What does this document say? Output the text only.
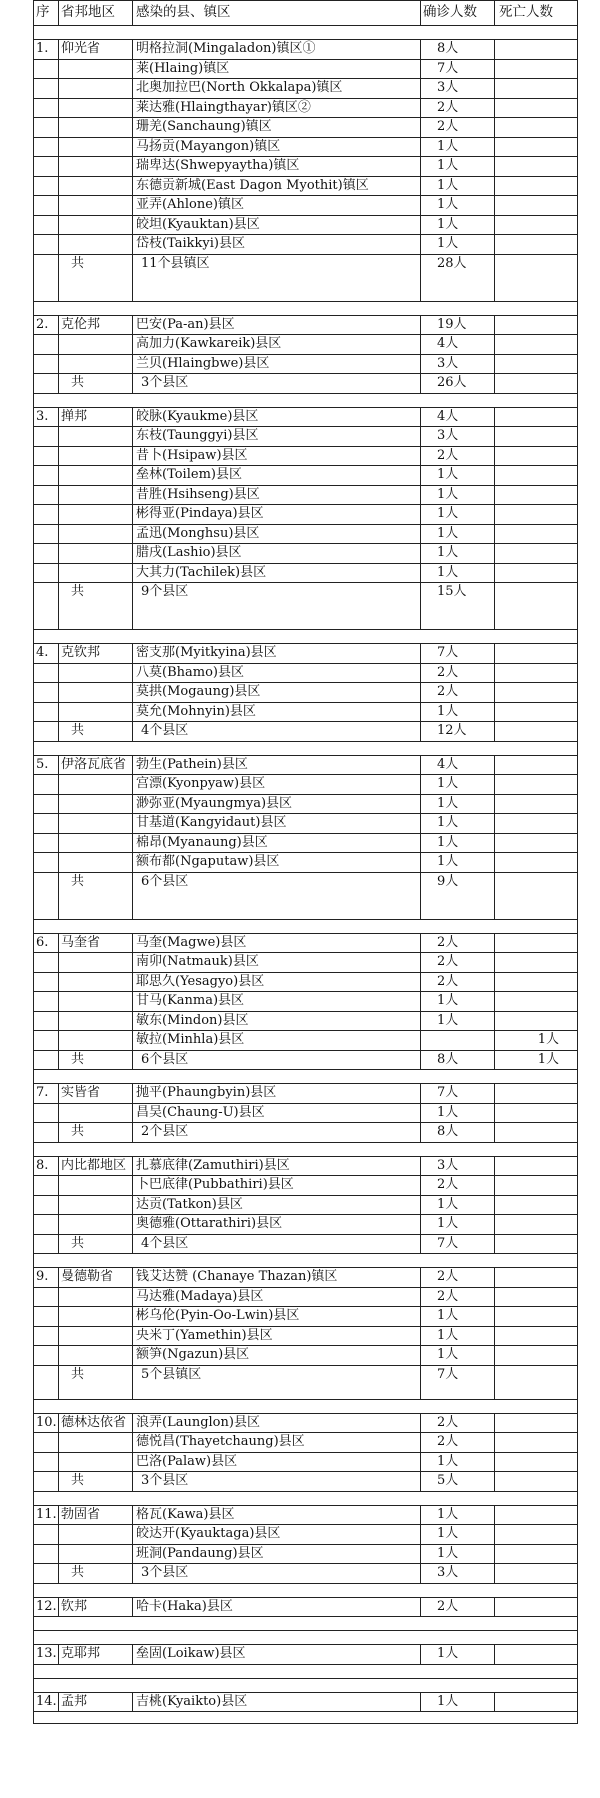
序	省邦地区	感染的县、镇区	确诊人数	死亡人数

1.	仰光省	明格拉洞(Mingaladon)镇区①	8人	
		莱(Hlaing)镇区	7人	
		北奥加拉巴(North Okkalapa)镇区	3人	
		莱达雅(Hlaingthayar)镇区②	2人	
		珊羌(Sanchaung)镇区	2人	
		马扬贡(Mayangon)镇区	1人	
		瑞卑达(Shwepyaytha)镇区	1人	
		东德贡新城(East Dagon Myothit)镇区	1人	
		亚弄(Ahlone)镇区	1人	
		皎坦(Kyauktan)县区	1人	
		岱枝(Taikkyi)县区	1人	
	共	11个县镇区	28人	

2.	克伦邦	巴安(Pa-an)县区	19人	
		高加力(Kawkareik)县区	4人	
		兰贝(Hlaingbwe)县区	3人	
	共	3个县区	26人	

3.	掸邦	皎脉(Kyaukme)县区	4人	
		东枝(Taunggyi)县区	3人	
		昔卜(Hsipaw)县区	2人	
		垒林(Toilem)县区	1人	
		昔胜(Hsihseng)县区	1人	
		彬得亚(Pindaya)县区	1人	
		孟迅(Monghsu)县区	1人	
		腊戌(Lashio)县区	1人	
		大其力(Tachilek)县区	1人	
	共	9个县区	15人	

4.	克钦邦	密支那(Myitkyina)县区	7人	
		八莫(Bhamo)县区	2人	
		莫拱(Mogaung)县区	2人	
		莫允(Mohnyin)县区	1人	
	共	4个县区	12人	

5.	伊洛瓦底省	勃生(Pathein)县区	4人	
		宫漂(Kyonpyaw)县区	1人	
		渺弥亚(Myaungmya)县区	1人	
		甘基道(Kangyidaut)县区	1人	
		棉昂(Myanaung)县区	1人	
		额布都(Ngaputaw)县区	1人	
	共	6个县区	9人	

6.	马奎省	马奎(Magwe)县区	2人	
		南卯(Natmauk)县区	2人	
		耶思久(Yesagyo)县区	2人	
		甘马(Kanma)县区	1人	
		敏东(Mindon)县区	1人	
		敏拉(Minhla)县区		1人
	共	6个县区	8人	1人

7.	实皆省	抛平(Phaungbyin)县区	7人	
		昌吴(Chaung-U)县区	1人	
	共	2个县区	8人	

8.	内比都地区	扎慕底律(Zamuthiri)县区	3人	
		卜巴底律(Pubbathiri)县区	2人	
		达贡(Tatkon)县区	1人	
		奥德雅(Ottarathiri)县区	1人	
	共	4个县区	7人	

9.	曼德勒省	钱艾达赞 (Chanaye Thazan)镇区	2人	
		马达雅(Madaya)县区	2人	
		彬乌伦(Pyin-Oo-Lwin)县区	1人	
		央米丁(Yamethin)县区	1人	
		额笋(Ngazun)县区	1人	
	共	5个县镇区	7人	

10.	德林达依省	浪弄(Launglon)县区	2人	
		德悦昌(Thayetchaung)县区	2人	
		巴洛(Palaw)县区	1人	
	共	3个县区	5人	

11.	勃固省	格瓦(Kawa)县区	1人	
		皎达开(Kyauktaga)县区	1人	
		班洞(Pandaung)县区	1人	
	共	3个县区	3人	

12.	钦邦	哈卡(Haka)县区	2人	

13.	克耶邦	垒固(Loikaw)县区	1人	

14.	孟邦	吉桃(Kyaikto)县区	1人	
